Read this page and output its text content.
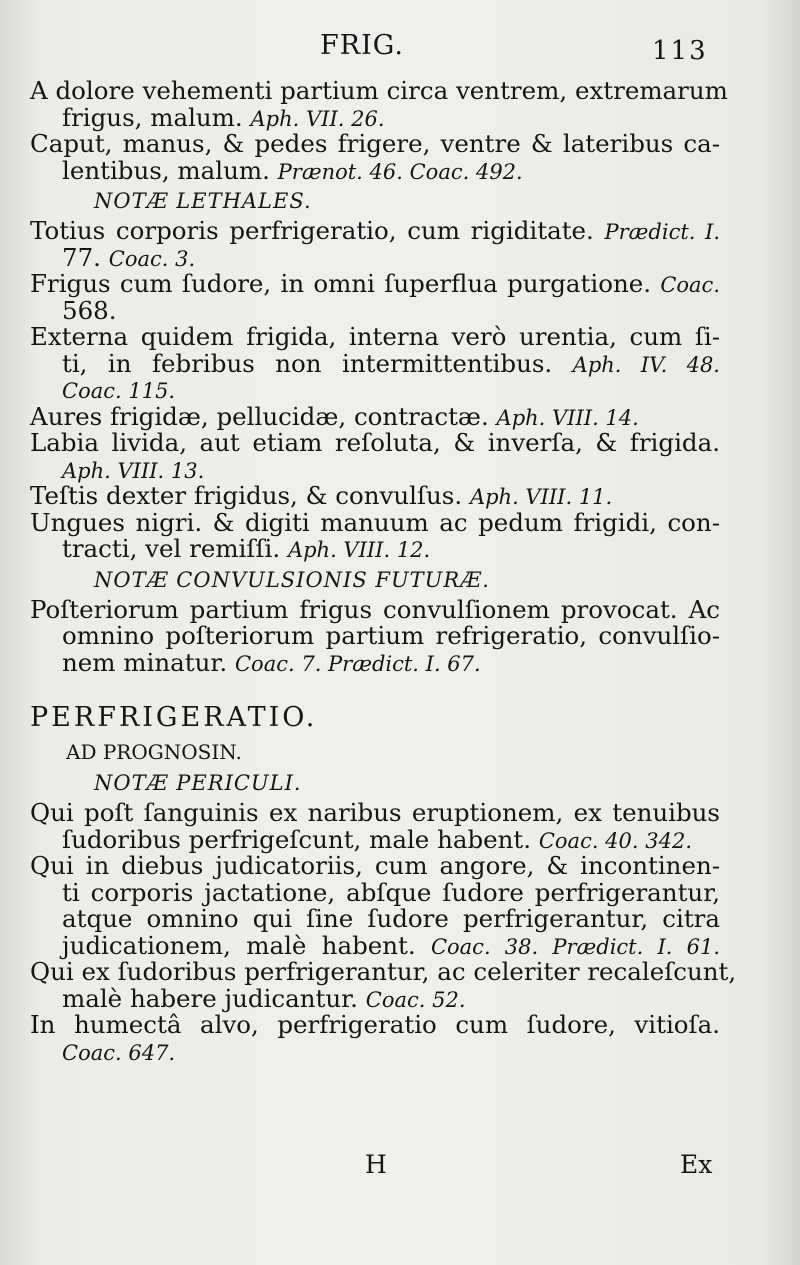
FRIG.	113
A dolore vehementi partium circa ventrem, extremarum
frigus, malum. Aph. VII. 26.
Caput, manus, & pedes frigere, ventre & lateribus ca-
lentibus, malum. Prænot. 46. Coac. 492.
NOTÆ LETHALES.
Totius corporis perfrigeratio, cum rigiditate. Prædict. I.
77. Coac. 3.
Frigus cum ſudore, in omni ſuperflua purgatione. Coac.
568.
Externa quidem frigida, interna verò urentia, cum ſi-
ti, in febribus non intermittentibus. Aph. IV. 48.
Coac. 115.
Aures frigidæ, pellucidæ, contractæ. Aph. VIII. 14.
Labia livida, aut etiam reſoluta, & inverſa, & frigida.
Aph. VIII. 13.
Teſtis dexter frigidus, & convulſus. Aph. VIII. 11.
Ungues nigri. & digiti manuum ac pedum frigidi, con-
tracti, vel remiſſi. Aph. VIII. 12.
NOTÆ CONVULSIONIS FUTURÆ.
Poſteriorum partium frigus convulſionem provocat. Ac
omnino poſteriorum partium refrigeratio, convulſio-
nem minatur. Coac. 7. Prædict. I. 67.
PERFRIGERATIO.
AD PROGNOSIN.
NOTÆ PERICULI.
Qui poſt ſanguinis ex naribus eruptionem, ex tenuibus
ſudoribus perfrigeſcunt, male habent. Coac. 40. 342.
Qui in diebus judicatoriis, cum angore, & incontinen-
ti corporis jactatione, abſque ſudore perfrigerantur,
atque omnino qui ſine ſudore perfrigerantur, citra
judicationem, malè habent. Coac. 38. Prædict. I. 61.
Qui ex ſudoribus perfrigerantur, ac celeriter recaleſcunt,
malè habere judicantur. Coac. 52.
In humectâ alvo, perfrigeratio cum ſudore, vitioſa.
Coac. 647.
H	Ex
